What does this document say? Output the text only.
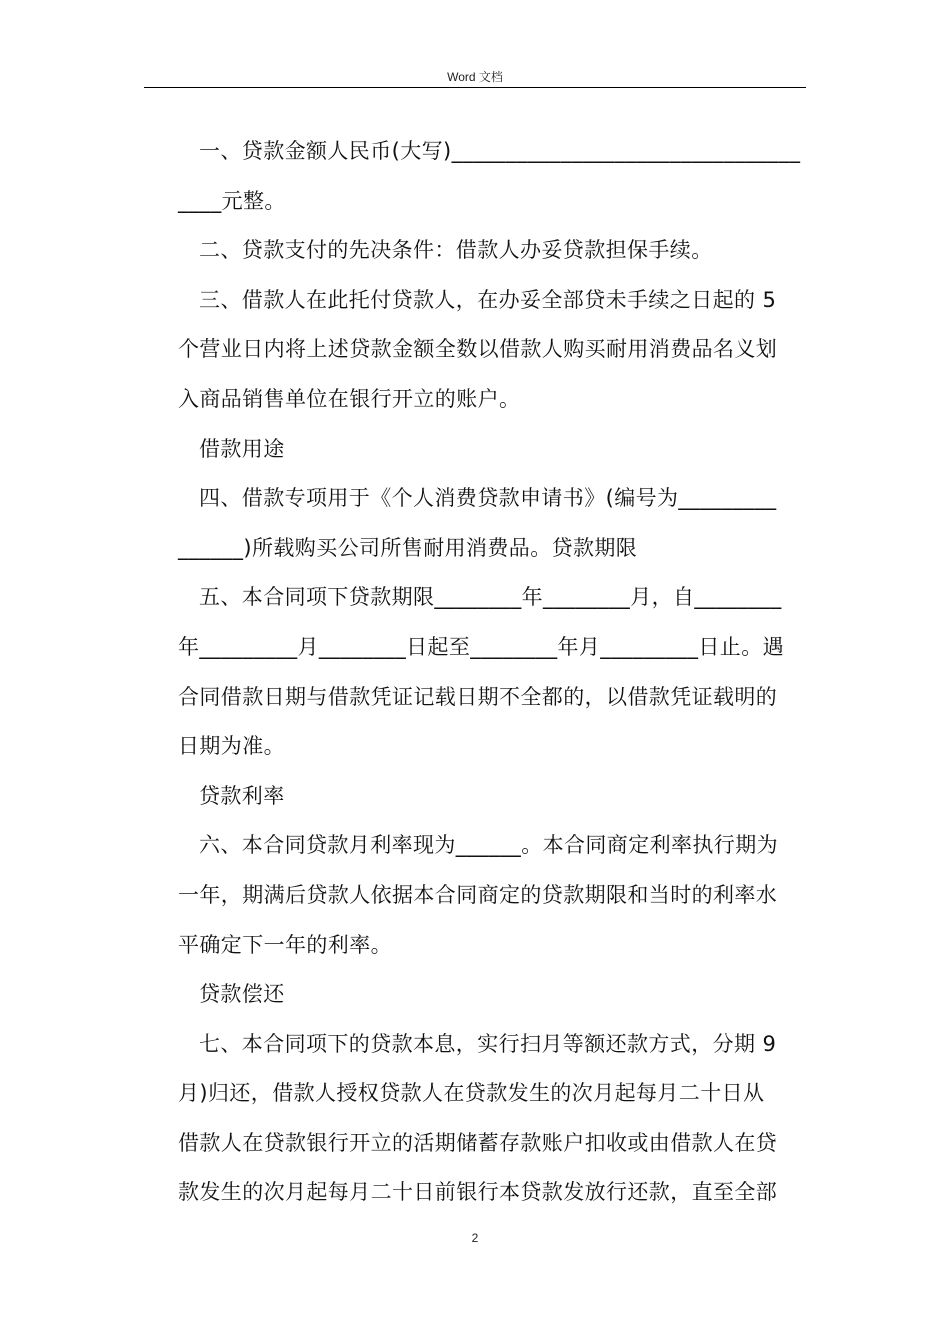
Word 文档
一、贷款金额人民币(大写)________________________________
____元整。
二、贷款支付的先决条件：借款人办妥贷款担保手续。
三、借款人在此托付贷款人，在办妥全部贷未手续之日起的 5
个营业日内将上述贷款金额全数以借款人购买耐用消费品名义划
入商品销售单位在银行开立的账户。
借款用途
四、借款专项用于《个人消费贷款申请书》(编号为_________
______)所载购买公司所售耐用消费品。贷款期限
五、本合同项下贷款期限________年________月，自________
年_________月________日起至________年月_________日止。遇
合同借款日期与借款凭证记载日期不全都的，以借款凭证载明的
日期为准。
贷款利率
六、本合同贷款月利率现为______。本合同商定利率执行期为
一年，期满后贷款人依据本合同商定的贷款期限和当时的利率水
平确定下一年的利率。
贷款偿还
七、本合同项下的贷款本息，实行扫月等额还款方式，分期 9
月)归还，借款人授权贷款人在贷款发生的次月起每月二十日从
借款人在贷款银行开立的活期储蓄存款账户扣收或由借款人在贷
款发生的次月起每月二十日前银行本贷款发放行还款，直至全部
2
